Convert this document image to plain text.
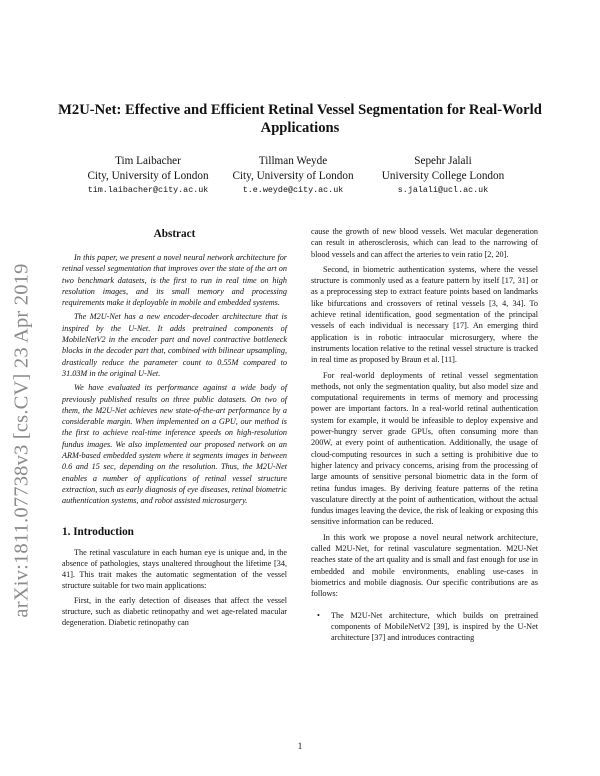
arXiv:1811.07738v3 [cs.CV] 23 Apr 2019
M2U-Net: Effective and Efficient Retinal Vessel Segmentation for Real-World Applications
Tim Laibacher
City, University of London
tim.laibacher@city.ac.uk
Tillman Weyde
City, University of London
t.e.weyde@city.ac.uk
Sepehr Jalali
University College London
s.jalali@ucl.ac.uk
Abstract

In this paper, we present a novel neural network architecture for retinal vessel segmentation that improves over the state of the art on two benchmark datasets, is the first to run in real time on high resolution images, and its small memory and processing requirements make it deployable in mobile and embedded systems.

The M2U-Net has a new encoder-decoder architecture that is inspired by the U-Net. It adds pretrained components of MobileNetV2 in the encoder part and novel contractive bottleneck blocks in the decoder part that, combined with bilinear upsampling, drastically reduce the parameter count to 0.55M compared to 31.03M in the original U-Net.

We have evaluated its performance against a wide body of previously published results on three public datasets. On two of them, the M2U-Net achieves new state-of-the-art performance by a considerable margin. When implemented on a GPU, our method is the first to achieve real-time inference speeds on high-resolution fundus images. We also implemented our proposed network on an ARM-based embedded system where it segments images in between 0.6 and 15 sec, depending on the resolution. Thus, the M2U-Net enables a number of applications of retinal vessel structure extraction, such as early diagnosis of eye diseases, retinal biometric authentication systems, and robot assisted microsurgery.

1. Introduction

The retinal vasculature in each human eye is unique and, in the absence of pathologies, stays unaltered throughout the lifetime [34, 41]. This trait makes the automatic segmentation of the vessel structure suitable for two main applications:

First, in the early detection of diseases that affect the vessel structure, such as diabetic retinopathy and wet age-related macular degeneration. Diabetic retinopathy can

cause the growth of new blood vessels. Wet macular degeneration can result in atherosclerosis, which can lead to the narrowing of blood vessels and can affect the arteries to vein ratio [2, 20].

Second, in biometric authentication systems, where the vessel structure is commonly used as a feature pattern by itself [17, 31] or as a preprocessing step to extract feature points based on landmarks like bifurcations and crossovers of retinal vessels [3, 4, 34]. To achieve retinal identification, good segmentation of the principal vessels of each individual is necessary [17]. An emerging third application is in robotic intraocular microsurgery, where the instruments location relative to the retinal vessel structure is tracked in real time as proposed by Braun et al. [11].

For real-world deployments of retinal vessel segmentation methods, not only the segmentation quality, but also model size and computational requirements in terms of memory and processing power are important factors. In a real-world retinal authentication system for example, it would be infeasible to deploy expensive and power-hungry server grade GPUs, often consuming more than 200W, at every point of authentication. Additionally, the usage of cloud-computing resources in such a setting is prohibitive due to higher latency and privacy concerns, arising from the processing of large amounts of sensitive personal biometric data in the form of retina fundus images. By deriving feature patterns of the retina vasculature directly at the point of authentication, without the actual fundus images leaving the device, the risk of leaking or exposing this sensitive information can be reduced.

In this work we propose a novel neural network architecture, called M2U-Net, for retinal vasculature segmentation. M2U-Net reaches state of the art quality and is small and fast enough for use in embedded and mobile environments, enabling use-cases in biometrics and mobile diagnosis. Our specific contributions are as follows:

•	The M2U-Net architecture, which builds on pretrained components of MobileNetV2 [39], is inspired by the U-Net architecture [37] and introduces contracting
1
